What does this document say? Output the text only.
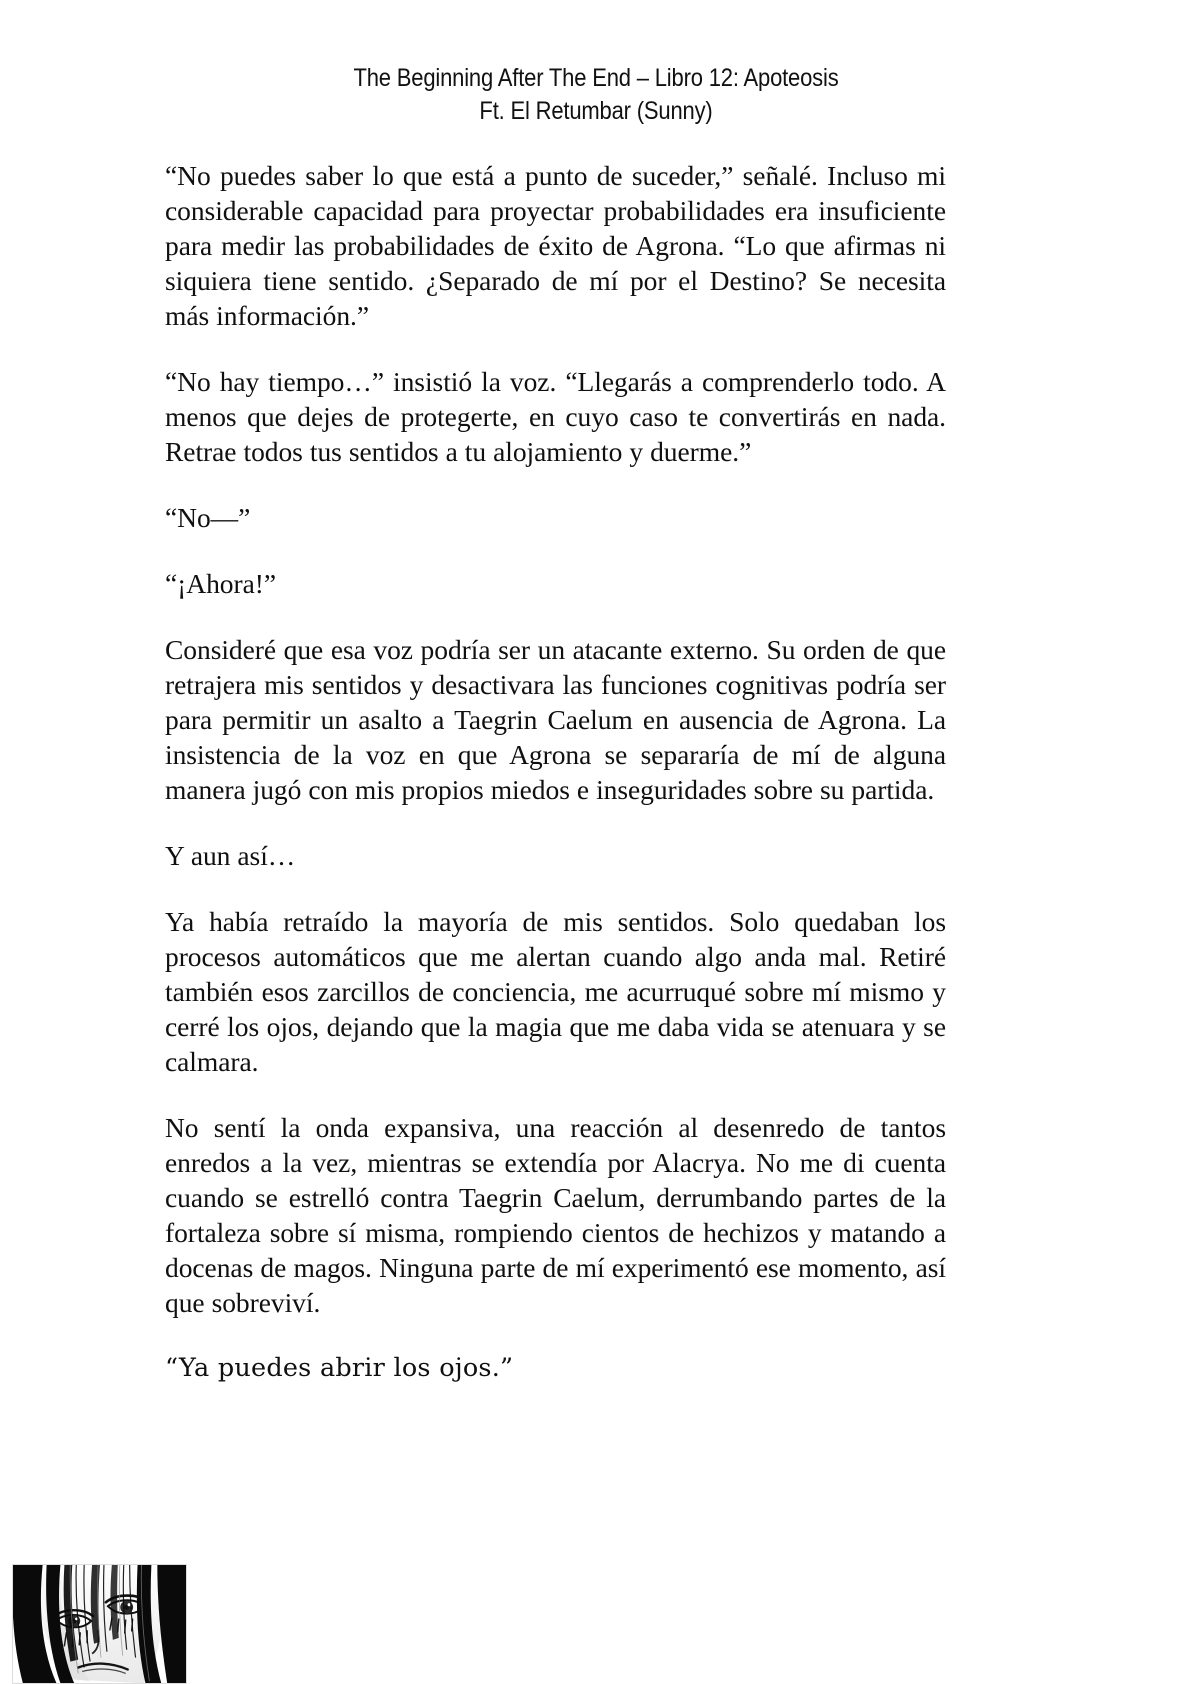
The Beginning After The End – Libro 12: Apoteosis
Ft. El Retumbar (Sunny)

“No puedes saber lo que está a punto de suceder,” señalé. Incluso mi considerable capacidad para proyectar probabilidades era insuficiente para medir las probabilidades de éxito de Agrona. “Lo que afirmas ni siquiera tiene sentido. ¿Separado de mí por el Destino? Se necesita más información.”

“No hay tiempo…” insistió la voz. “Llegarás a comprenderlo todo. A menos que dejes de protegerte, en cuyo caso te convertirás en nada. Retrae todos tus sentidos a tu alojamiento y duerme.”

“No—”

“¡Ahora!”

Consideré que esa voz podría ser un atacante externo. Su orden de que retrajera mis sentidos y desactivara las funciones cognitivas podría ser para permitir un asalto a Taegrin Caelum en ausencia de Agrona. La insistencia de la voz en que Agrona se separaría de mí de alguna manera jugó con mis propios miedos e inseguridades sobre su partida.

Y aun así…

Ya había retraído la mayoría de mis sentidos. Solo quedaban los procesos automáticos que me alertan cuando algo anda mal. Retiré también esos zarcillos de conciencia, me acurruqué sobre mí mismo y cerré los ojos, dejando que la magia que me daba vida se atenuara y se calmara.

No sentí la onda expansiva, una reacción al desenredo de tantos enredos a la vez, mientras se extendía por Alacrya. No me di cuenta cuando se estrelló contra Taegrin Caelum, derrumbando partes de la fortaleza sobre sí misma, rompiendo cientos de hechizos y matando a docenas de magos. Ninguna parte de mí experimentó ese momento, así que sobreviví.

“Ya puedes abrir los ojos.”
